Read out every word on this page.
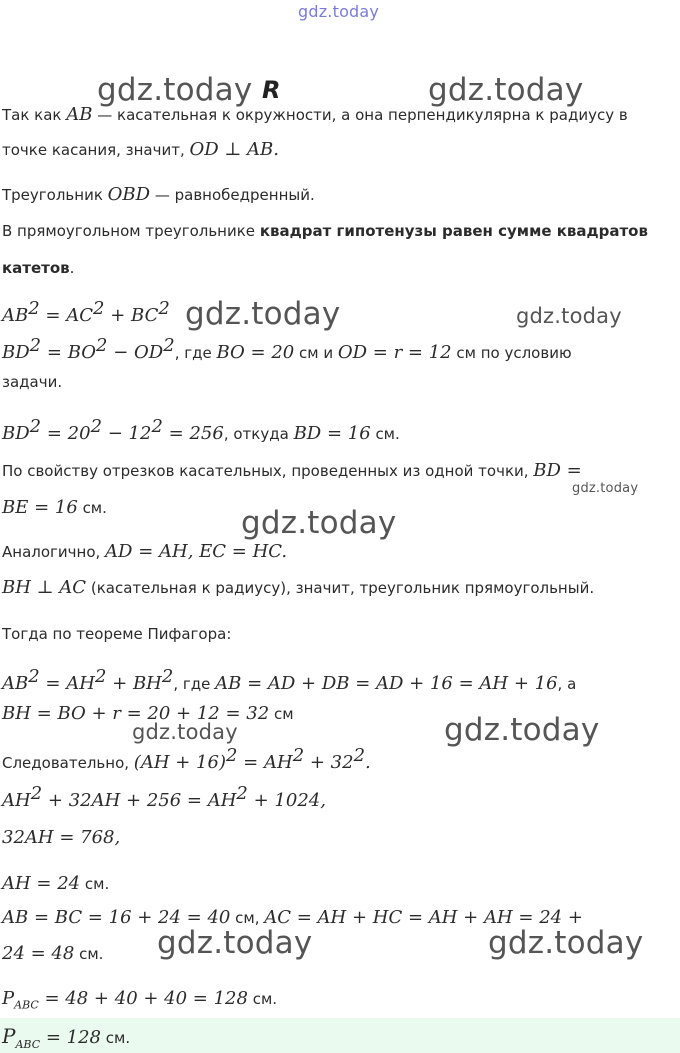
gdz.today
gdz.today R	gdz.today
gdz.today	gdz.today
gdz.today
gdz.today
gdz.today
gdz.today
gdz.today	gdz.today
Так как AB — касательная к окружности, а она перпендикулярна к радиусу в
точке касания, значит, OD ⊥ AB.
Треугольник OBD — равнобедренный.
В прямоугольном треугольнике квадрат гипотенузы равен сумме квадратов
катетов.
$AB^2 = AC^2 + BC^2$
$BD^2 = BO^2 - OD^2$, где BO = 20 см и OD = r = 12 см по условию
задачи.
$BD^2 = 20^2 - 12^2 = 256$, откуда BD = 16 см.
По свойству отрезков касательных, проведенных из одной точки, BD =
BE = 16 см.
Аналогично, AD = AH, EC = HC.
BH ⊥ AC (касательная к радиусу), значит, треугольник прямоугольный.
Тогда по теореме Пифагора:
$AB^2 = AH^2 + BH^2$, где AB = AD + DB = AD + 16 = AH + 16, а
BH = BO + r = 20 + 12 = 32 см
Следовательно, $(AH + 16)^2 = AH^2 + 32^2$.
$AH^2 + 32AH + 256 = AH^2 + 1024$,
32AH = 768,
AH = 24 см.
AB = BC = 16 + 24 = 40 см, AC = AH + HC = AH + AH = 24 +
24 = 48 см.
$P_{ABC} = 48 + 40 + 40 = 128$ см.
$P_{ABC} = 128$ см.
